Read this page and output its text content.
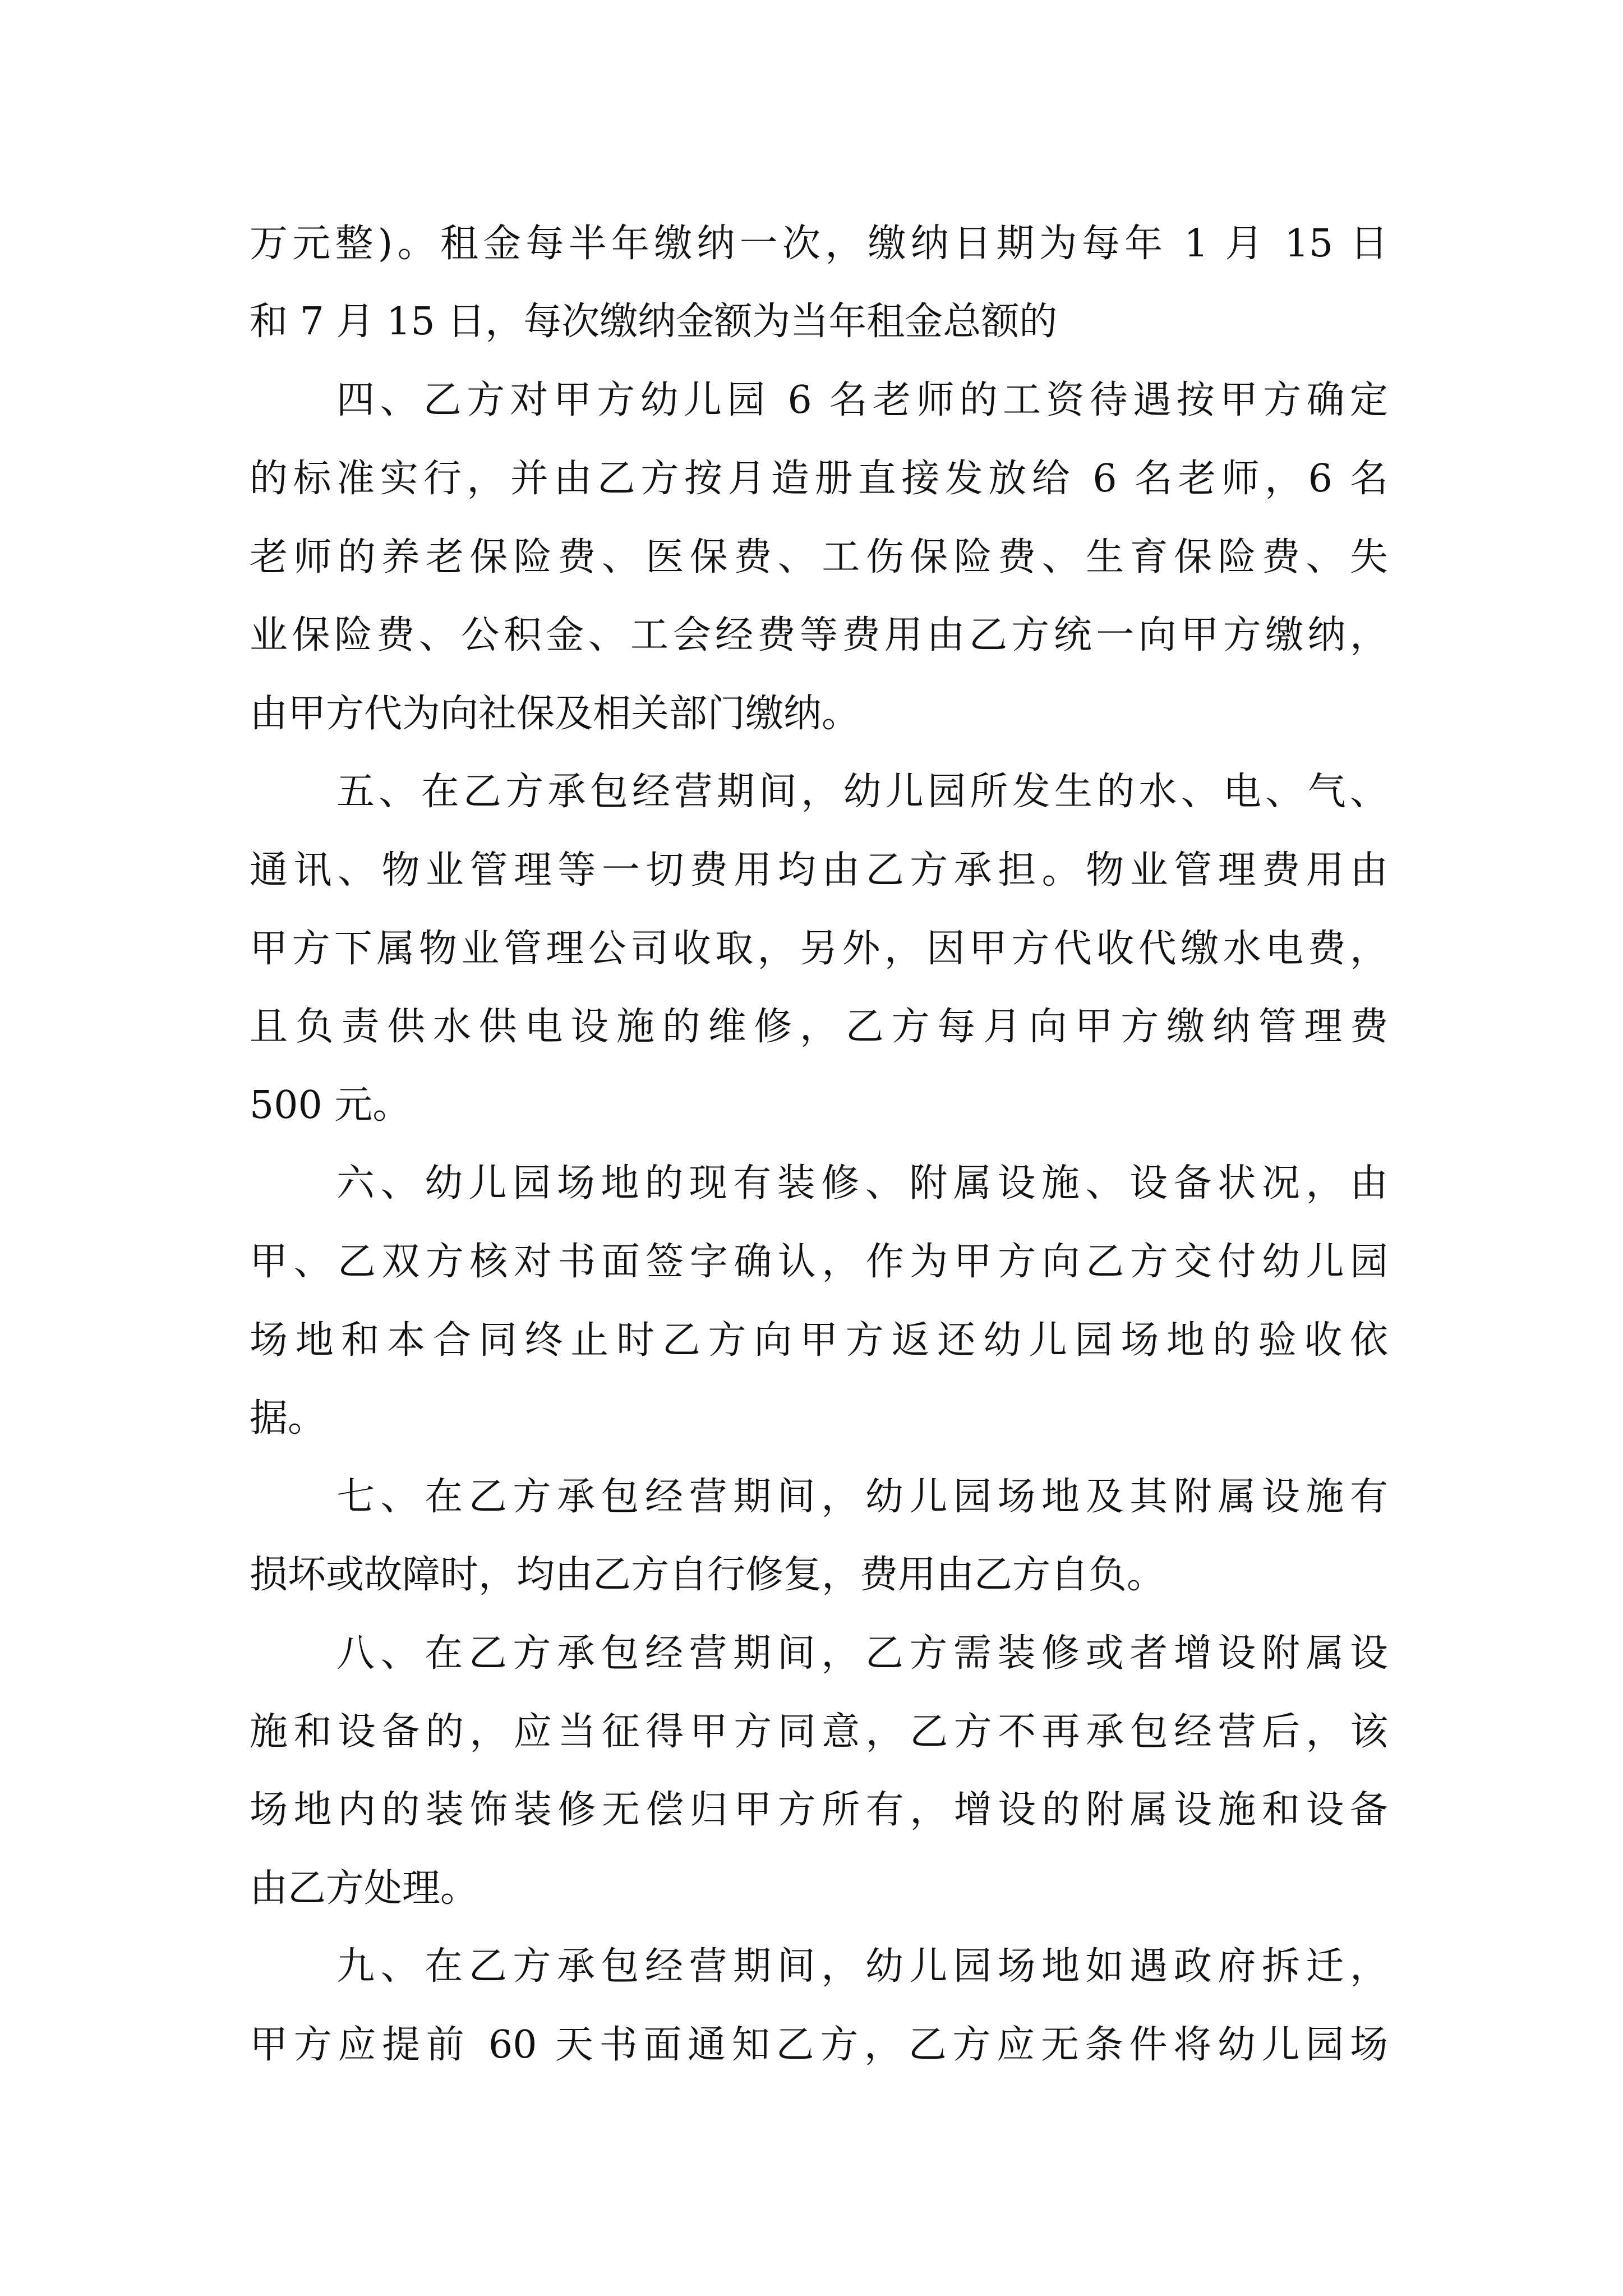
万元整)。租金每半年缴纳一次，缴纳日期为每年 1 月 15 日
和 7 月 15 日，每次缴纳金额为当年租金总额的
四、乙方对甲方幼儿园 6 名老师的工资待遇按甲方确定
的标准实行，并由乙方按月造册直接发放给 6 名老师，6 名
老师的养老保险费、医保费、工伤保险费、生育保险费、失
业保险费、公积金、工会经费等费用由乙方统一向甲方缴纳，
由甲方代为向社保及相关部门缴纳。
五、在乙方承包经营期间，幼儿园所发生的水、电、气、
通讯、物业管理等一切费用均由乙方承担。物业管理费用由
甲方下属物业管理公司收取，另外，因甲方代收代缴水电费，
且负责供水供电设施的维修，乙方每月向甲方缴纳管理费
500 元。
六、幼儿园场地的现有装修、附属设施、设备状况，由
甲、乙双方核对书面签字确认，作为甲方向乙方交付幼儿园
场地和本合同终止时乙方向甲方返还幼儿园场地的验收依
据。
七、在乙方承包经营期间，幼儿园场地及其附属设施有
损坏或故障时，均由乙方自行修复，费用由乙方自负。
八、在乙方承包经营期间，乙方需装修或者增设附属设
施和设备的，应当征得甲方同意，乙方不再承包经营后，该
场地内的装饰装修无偿归甲方所有，增设的附属设施和设备
由乙方处理。
九、在乙方承包经营期间，幼儿园场地如遇政府拆迁，
甲方应提前 60 天书面通知乙方，乙方应无条件将幼儿园场
